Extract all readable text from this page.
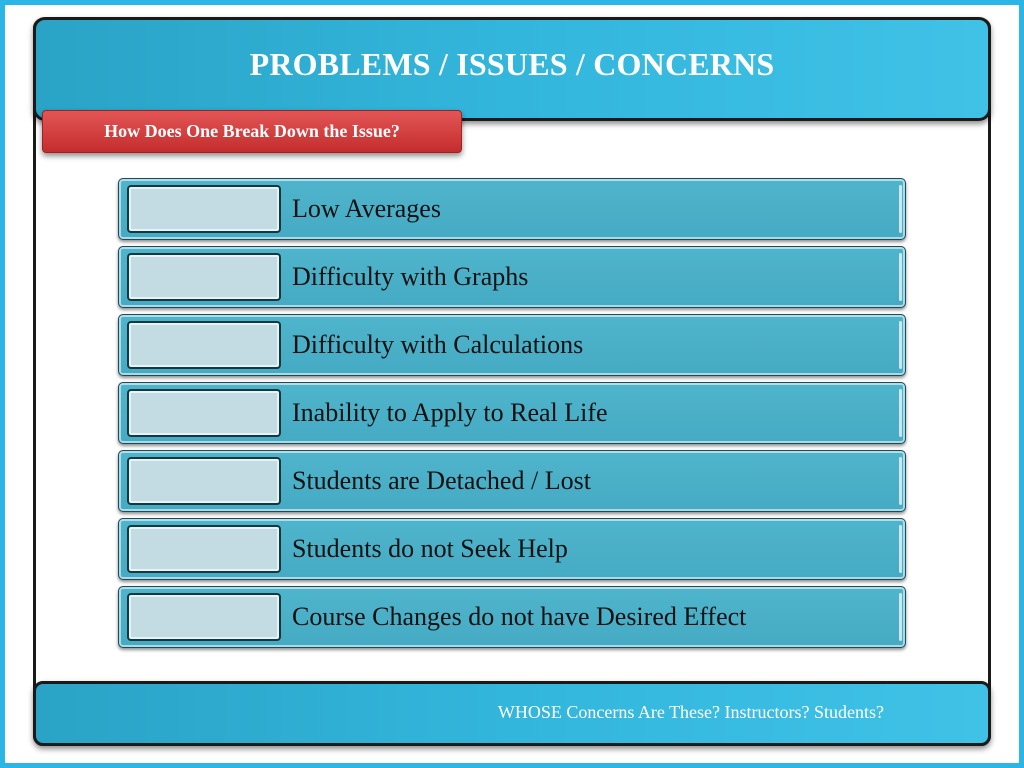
PROBLEMS / ISSUES / CONCERNS
How Does One Break Down the Issue?
Low Averages
Difficulty with Graphs
Difficulty with Calculations
Inability to Apply to Real Life
Students are Detached / Lost
Students do not Seek Help
Course Changes do not have Desired Effect
WHOSE Concerns Are These? Instructors? Students?
